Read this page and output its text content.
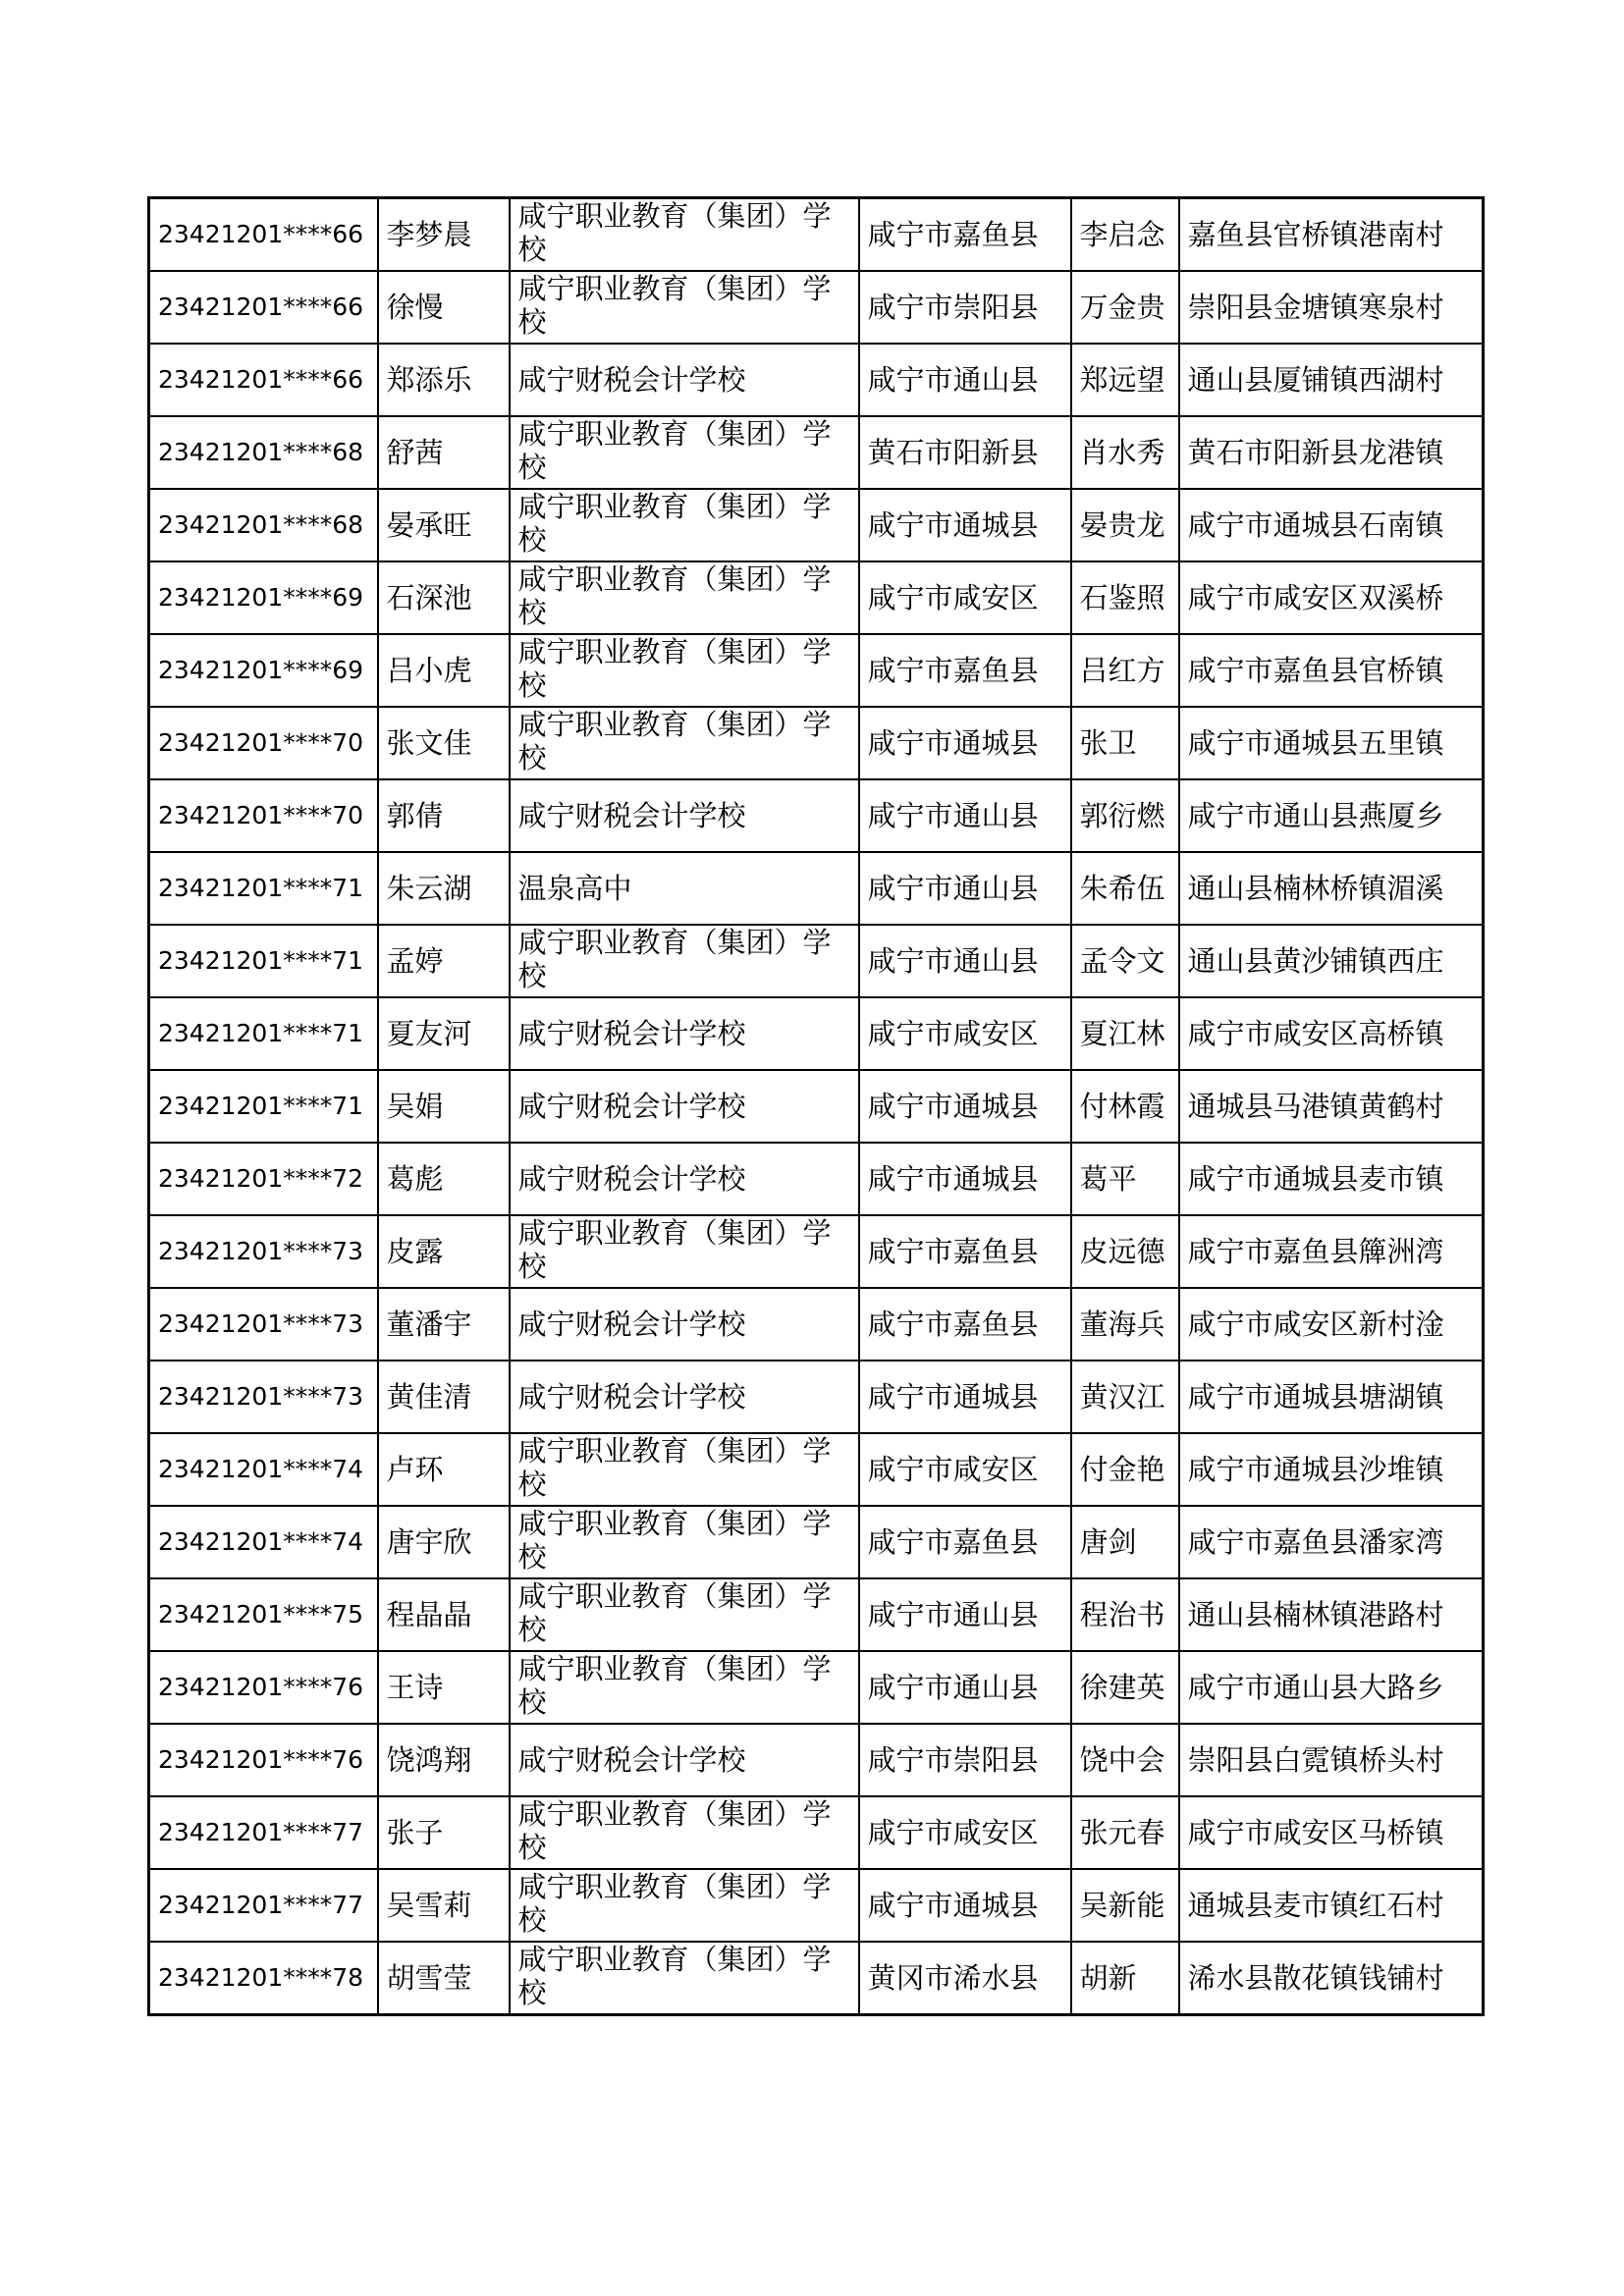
23421201****66	李梦晨	咸宁职业教育（集团）学校	咸宁市嘉鱼县	李启念	嘉鱼县官桥镇港南村
23421201****66	徐慢	咸宁职业教育（集团）学校	咸宁市崇阳县	万金贵	崇阳县金塘镇寒泉村
23421201****66	郑添乐	咸宁财税会计学校	咸宁市通山县	郑远望	通山县厦铺镇西湖村
23421201****68	舒茜	咸宁职业教育（集团）学校	黄石市阳新县	肖水秀	黄石市阳新县龙港镇
23421201****68	晏承旺	咸宁职业教育（集团）学校	咸宁市通城县	晏贵龙	咸宁市通城县石南镇
23421201****69	石深池	咸宁职业教育（集团）学校	咸宁市咸安区	石鉴照	咸宁市咸安区双溪桥
23421201****69	吕小虎	咸宁职业教育（集团）学校	咸宁市嘉鱼县	吕红方	咸宁市嘉鱼县官桥镇
23421201****70	张文佳	咸宁职业教育（集团）学校	咸宁市通城县	张卫	咸宁市通城县五里镇
23421201****70	郭倩	咸宁财税会计学校	咸宁市通山县	郭衍燃	咸宁市通山县燕厦乡
23421201****71	朱云湖	温泉高中	咸宁市通山县	朱希伍	通山县楠林桥镇湄溪
23421201****71	孟婷	咸宁职业教育（集团）学校	咸宁市通山县	孟令文	通山县黄沙铺镇西庄
23421201****71	夏友河	咸宁财税会计学校	咸宁市咸安区	夏江林	咸宁市咸安区高桥镇
23421201****71	吴娟	咸宁财税会计学校	咸宁市通城县	付林霞	通城县马港镇黄鹤村
23421201****72	葛彪	咸宁财税会计学校	咸宁市通城县	葛平	咸宁市通城县麦市镇
23421201****73	皮露	咸宁职业教育（集团）学校	咸宁市嘉鱼县	皮远德	咸宁市嘉鱼县簰洲湾
23421201****73	董潘宇	咸宁财税会计学校	咸宁市嘉鱼县	董海兵	咸宁市咸安区新村淦
23421201****73	黄佳清	咸宁财税会计学校	咸宁市通城县	黄汉江	咸宁市通城县塘湖镇
23421201****74	卢环	咸宁职业教育（集团）学校	咸宁市咸安区	付金艳	咸宁市通城县沙堆镇
23421201****74	唐宇欣	咸宁职业教育（集团）学校	咸宁市嘉鱼县	唐剑	咸宁市嘉鱼县潘家湾
23421201****75	程晶晶	咸宁职业教育（集团）学校	咸宁市通山县	程治书	通山县楠林镇港路村
23421201****76	王诗	咸宁职业教育（集团）学校	咸宁市通山县	徐建英	咸宁市通山县大路乡
23421201****76	饶鸿翔	咸宁财税会计学校	咸宁市崇阳县	饶中会	崇阳县白霓镇桥头村
23421201****77	张子	咸宁职业教育（集团）学校	咸宁市咸安区	张元春	咸宁市咸安区马桥镇
23421201****77	吴雪莉	咸宁职业教育（集团）学校	咸宁市通城县	吴新能	通城县麦市镇红石村
23421201****78	胡雪莹	咸宁职业教育（集团）学校	黄冈市浠水县	胡新	浠水县散花镇钱铺村
